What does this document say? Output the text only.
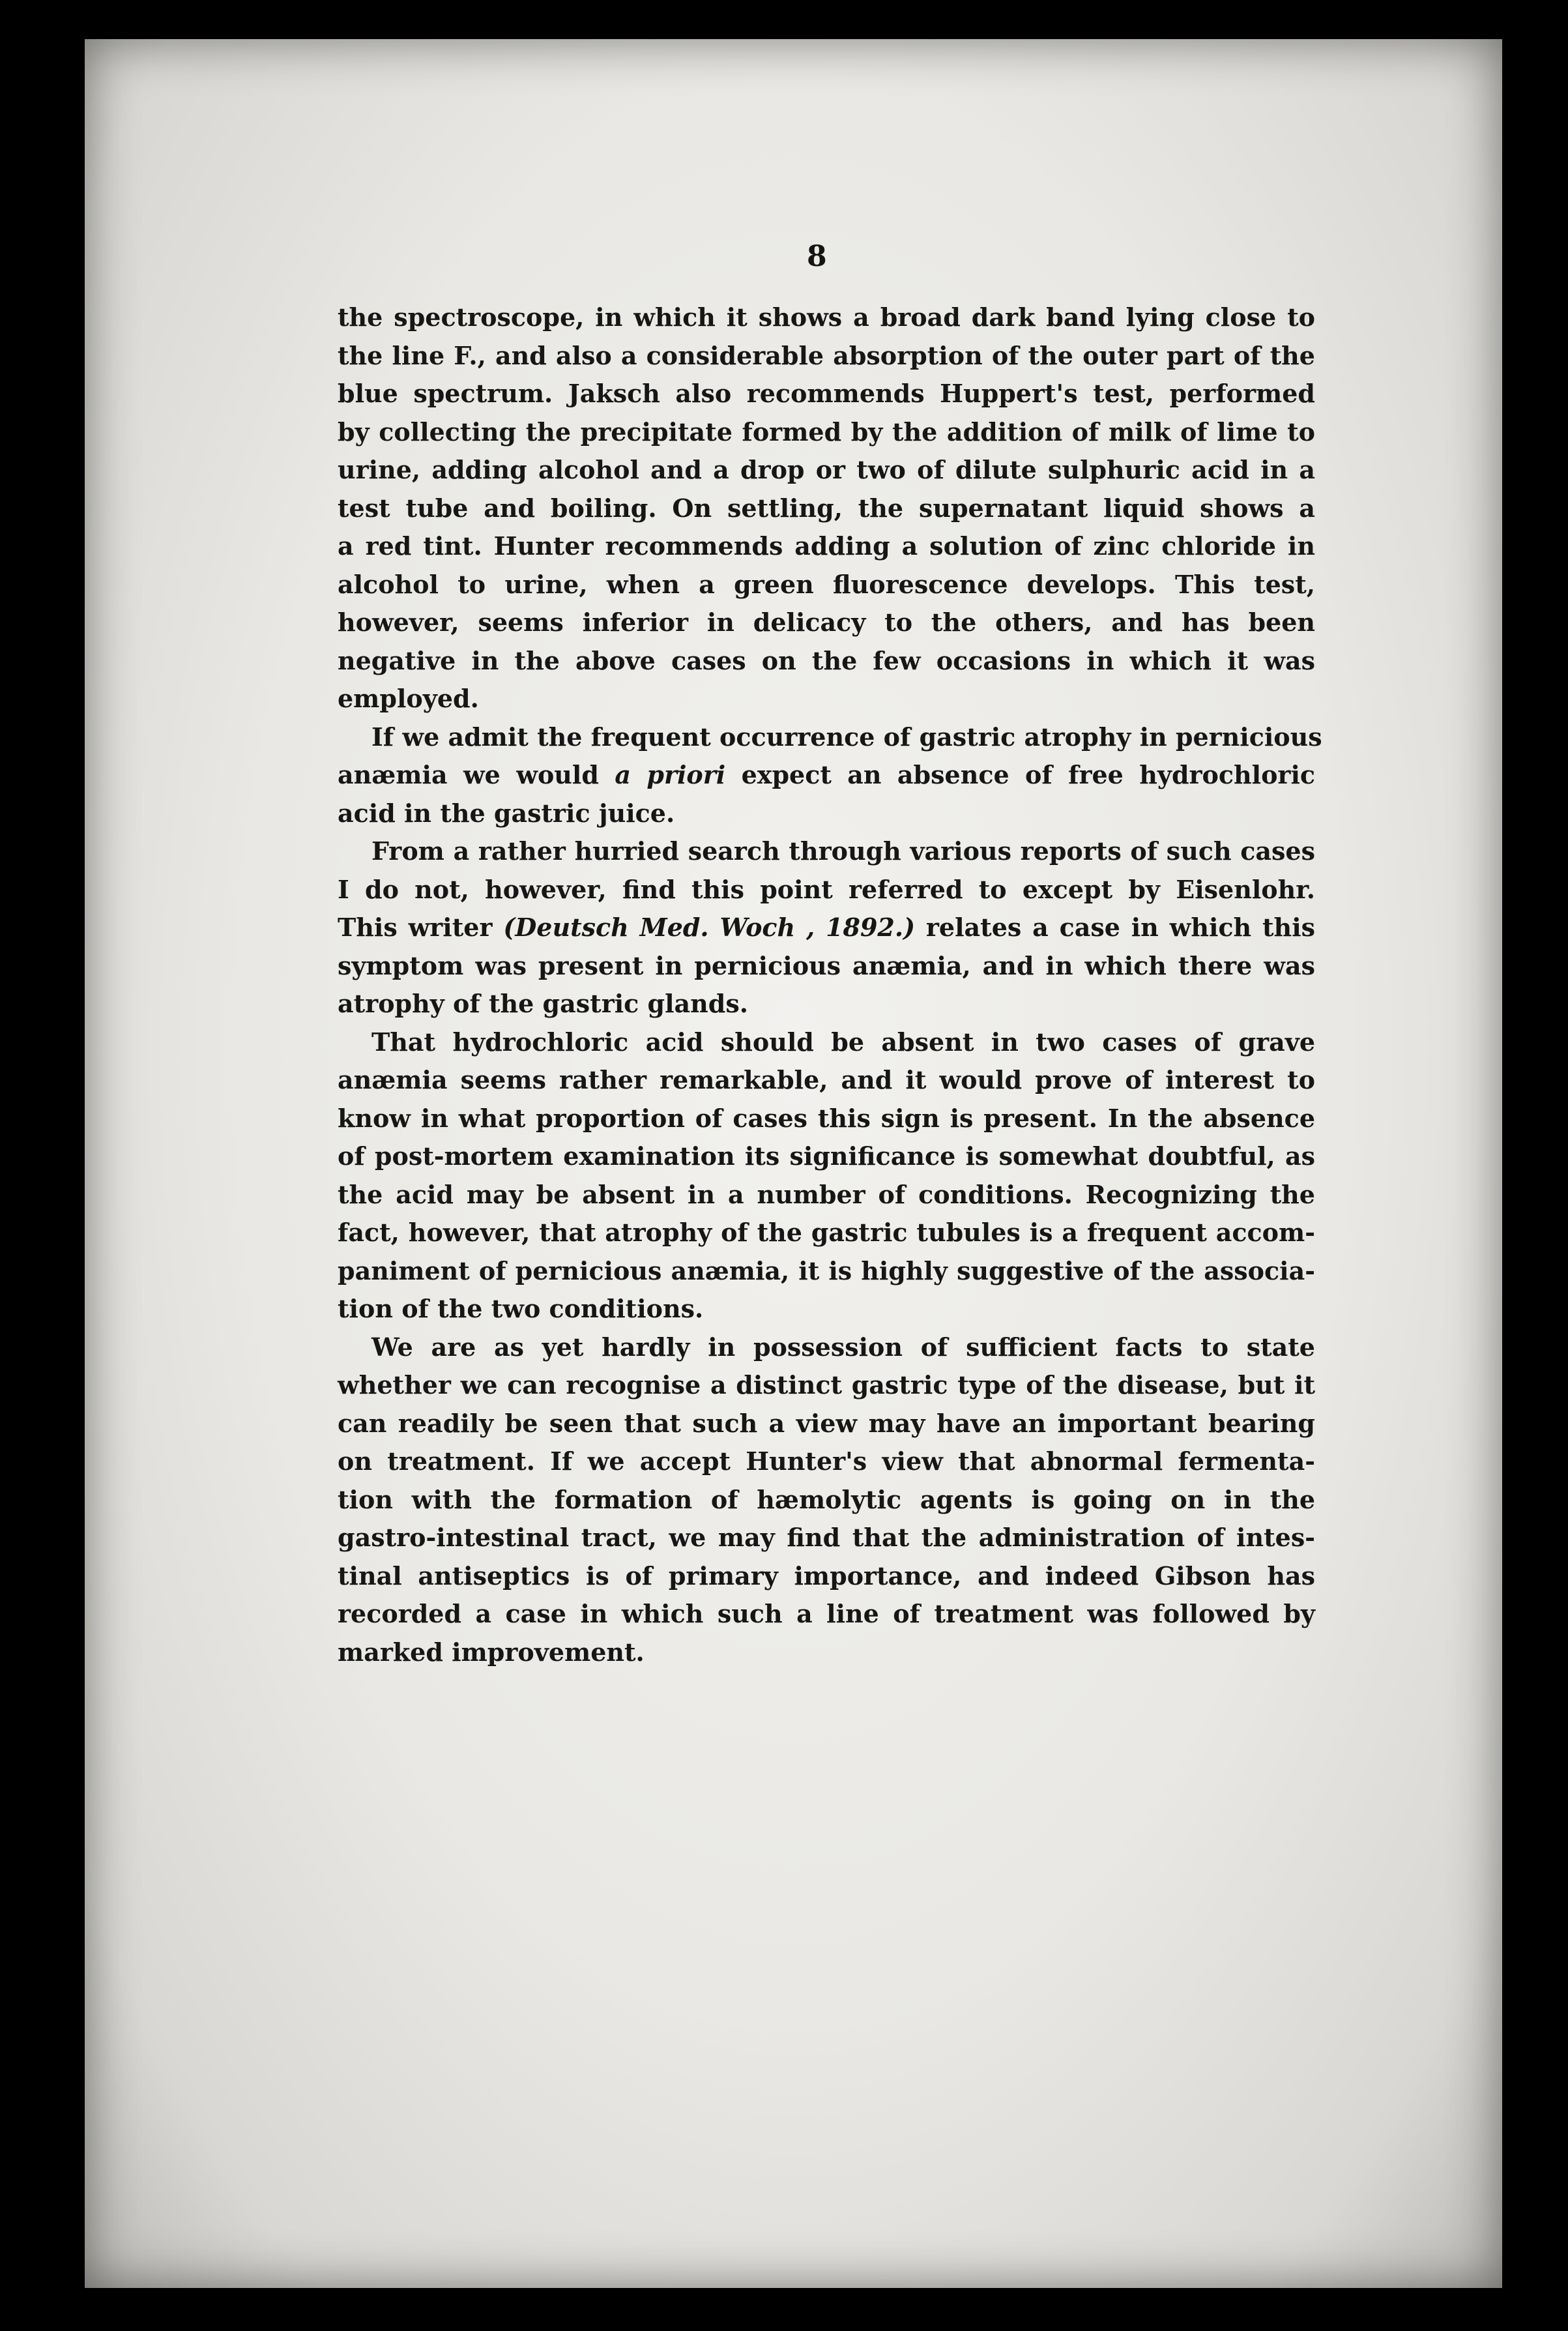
8
the spectroscope, in which it shows a broad dark band lying close to
the line F., and also a considerable absorption of the outer part of the
blue spectrum. Jaksch also recommends Huppert's test, performed
by collecting the precipitate formed by the addition of milk of lime to
urine, adding alcohol and a drop or two of dilute sulphuric acid in a
test tube and boiling. On settling, the supernatant liquid shows a
a red tint. Hunter recommends adding a solution of zinc chloride in
alcohol to urine, when a green fluorescence develops. This test,
however, seems inferior in delicacy to the others, and has been
negative in the above cases on the few occasions in which it was
employed.
If we admit the frequent occurrence of gastric atrophy in pernicious
anæmia we would a priori expect an absence of free hydrochloric
acid in the gastric juice.
From a rather hurried search through various reports of such cases
I do not, however, find this point referred to except by Eisenlohr.
This writer (Deutsch Med. Woch , 1892.) relates a case in which this
symptom was present in pernicious anæmia, and in which there was
atrophy of the gastric glands.
That hydrochloric acid should be absent in two cases of grave
anæmia seems rather remarkable, and it would prove of interest to
know in what proportion of cases this sign is present. In the absence
of post-mortem examination its significance is somewhat doubtful, as
the acid may be absent in a number of conditions. Recognizing the
fact, however, that atrophy of the gastric tubules is a frequent accom-
paniment of pernicious anæmia, it is highly suggestive of the associa-
tion of the two conditions.
We are as yet hardly in possession of sufficient facts to state
whether we can recognise a distinct gastric type of the disease, but it
can readily be seen that such a view may have an important bearing
on treatment. If we accept Hunter's view that abnormal fermenta-
tion with the formation of hæmolytic agents is going on in the
gastro-intestinal tract, we may find that the administration of intes-
tinal antiseptics is of primary importance, and indeed Gibson has
recorded a case in which such a line of treatment was followed by
marked improvement.
